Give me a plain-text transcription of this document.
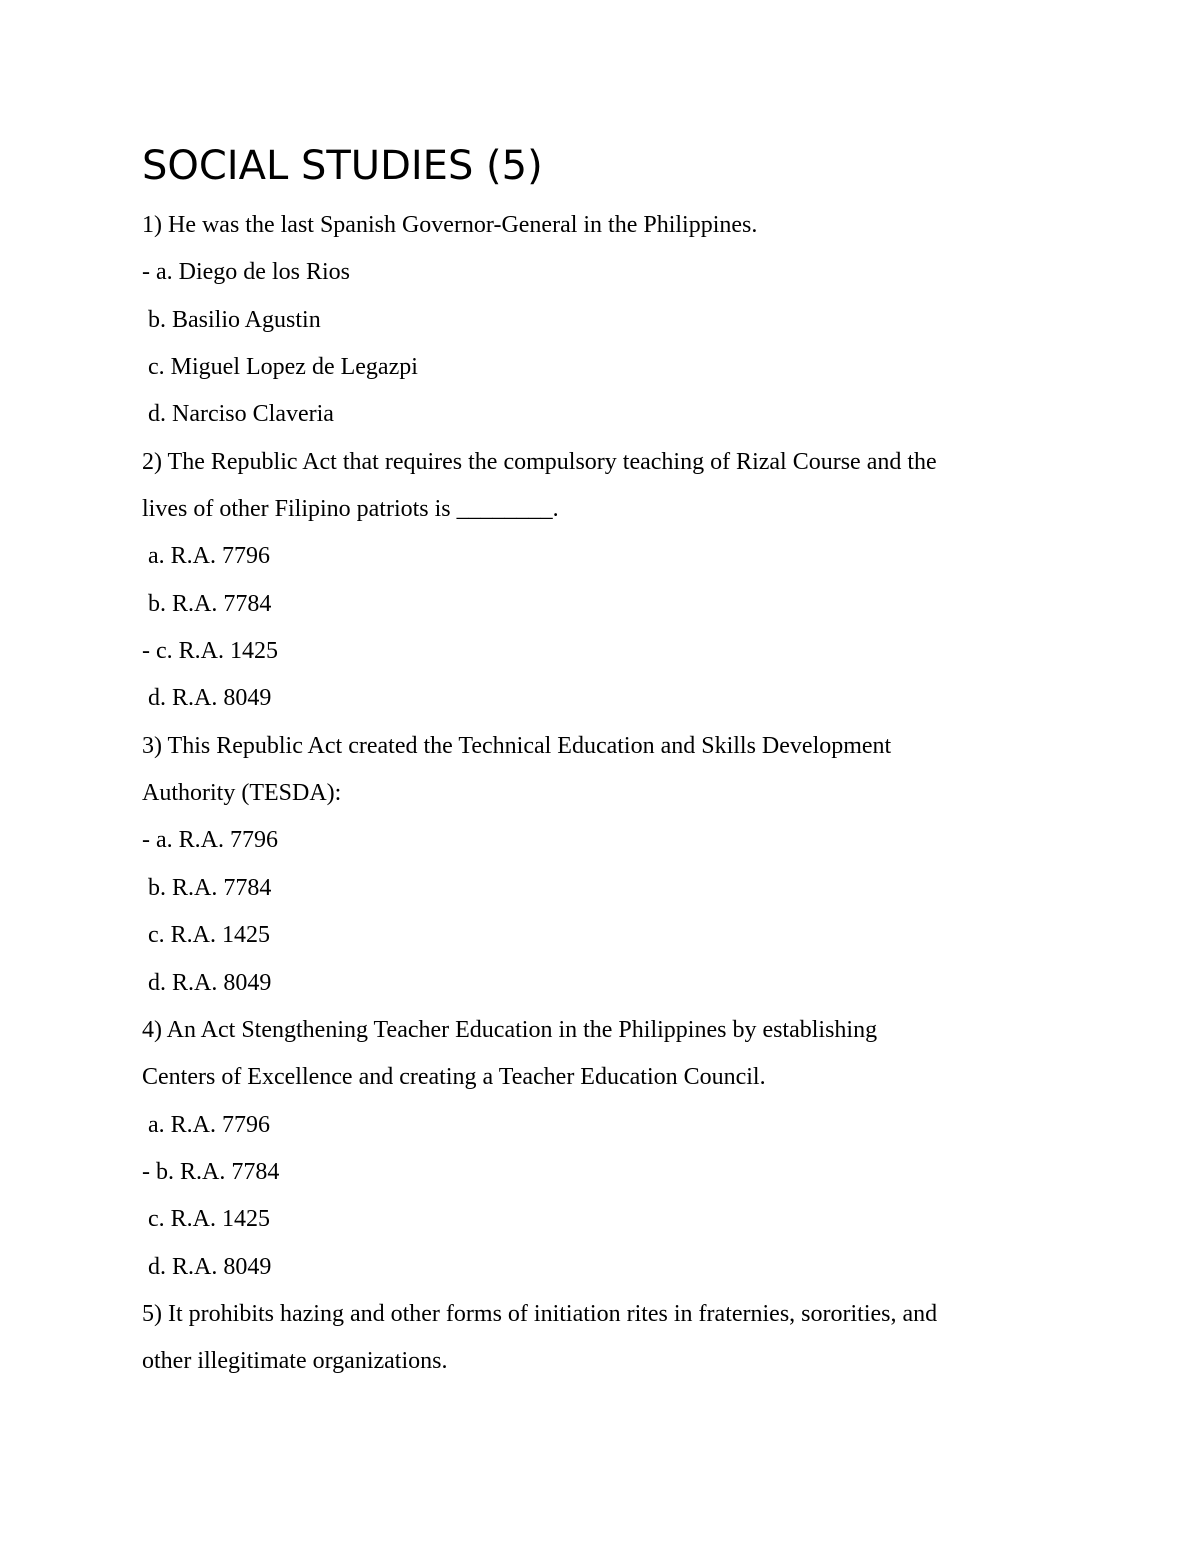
SOCIAL STUDIES (5)

1) He was the last Spanish Governor-General in the Philippines.

- a. Diego de los Rios

b. Basilio Agustin

c. Miguel Lopez de Legazpi

d. Narciso Claveria

2) The Republic Act that requires the compulsory teaching of Rizal Course and the

lives of other Filipino patriots is ________.

a. R.A. 7796

b. R.A. 7784

- c. R.A. 1425

d. R.A. 8049

3) This Republic Act created the Technical Education and Skills Development

Authority (TESDA):

- a. R.A. 7796

b. R.A. 7784

c. R.A. 1425

d. R.A. 8049

4) An Act Stengthening Teacher Education in the Philippines by establishing

Centers of Excellence and creating a Teacher Education Council.

a. R.A. 7796

- b. R.A. 7784

c. R.A. 1425

d. R.A. 8049

5) It prohibits hazing and other forms of initiation rites in fraternies, sororities, and

other illegitimate organizations.
